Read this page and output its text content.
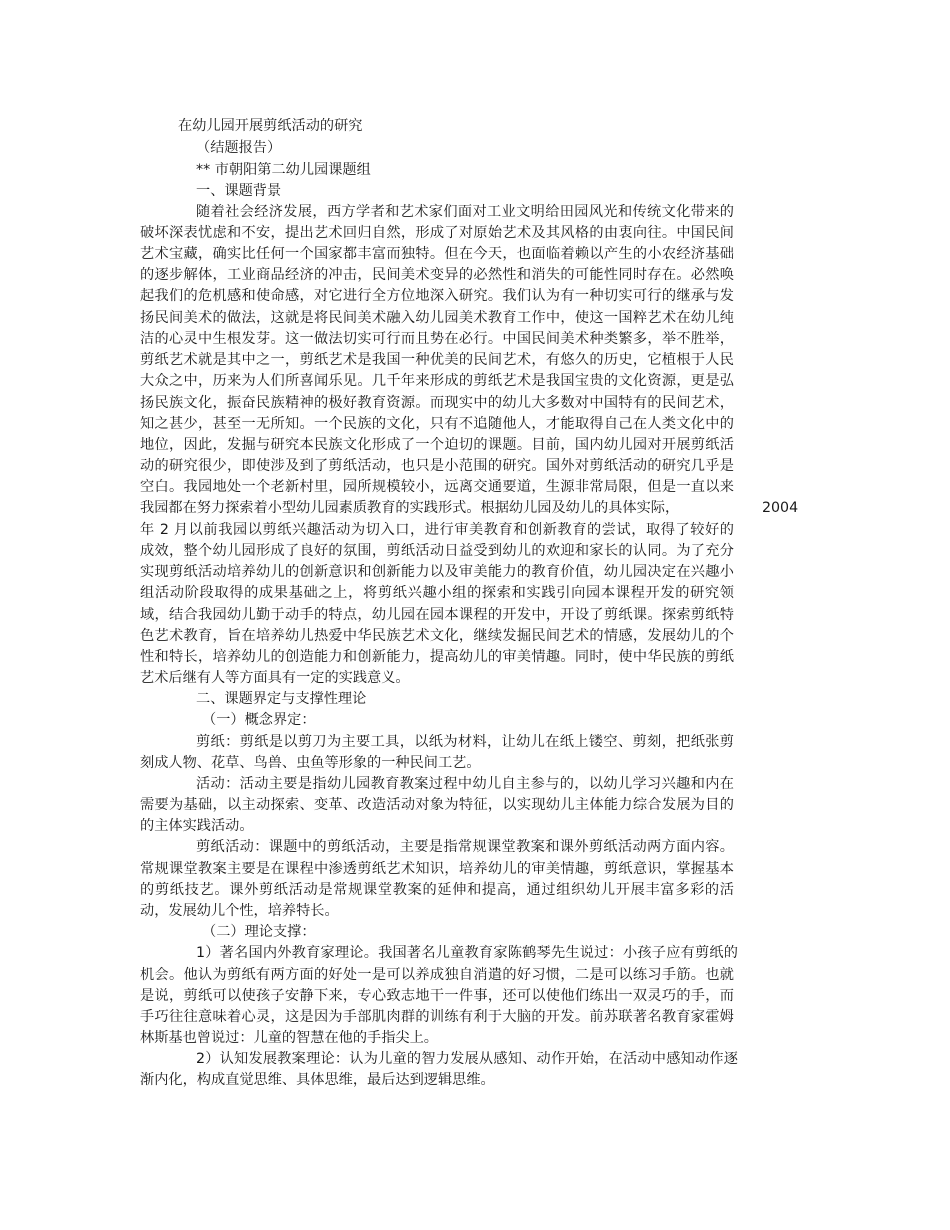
在幼儿园开展剪纸活动的研究
（结题报告）
** 市朝阳第二幼儿园课题组
一、课题背景
随着社会经济发展，西方学者和艺术家们面对工业文明给田园风光和传统文化带来的
破坏深表忧虑和不安，提出艺术回归自然，形成了对原始艺术及其风格的由衷向往。中国民间
艺术宝藏，确实比任何一个国家都丰富而独特。但在今天，也面临着赖以产生的小农经济基础
的逐步解体，工业商品经济的冲击，民间美术变异的必然性和消失的可能性同时存在。必然唤
起我们的危机感和使命感，对它进行全方位地深入研究。我们认为有一种切实可行的继承与发
扬民间美术的做法，这就是将民间美术融入幼儿园美术教育工作中，使这一国粹艺术在幼儿纯
洁的心灵中生根发芽。这一做法切实可行而且势在必行。中国民间美术种类繁多，举不胜举，
剪纸艺术就是其中之一，剪纸艺术是我国一种优美的民间艺术，有悠久的历史，它植根于人民
大众之中，历来为人们所喜闻乐见。几千年来形成的剪纸艺术是我国宝贵的文化资源，更是弘
扬民族文化，振奋民族精神的极好教育资源。而现实中的幼儿大多数对中国特有的民间艺术，
知之甚少，甚至一无所知。一个民族的文化，只有不追随他人，才能取得自己在人类文化中的
地位，因此，发掘与研究本民族文化形成了一个迫切的课题。目前，国内幼儿园对开展剪纸活
动的研究很少，即使涉及到了剪纸活动，也只是小范围的研究。国外对剪纸活动的研究几乎是
空白。我园地处一个老新村里，园所规模较小，远离交通要道，生源非常局限，但是一直以来
我园都在努力探索着小型幼儿园素质教育的实践形式。根据幼儿园及幼儿的具体实际，	2004
年 2 月以前我园以剪纸兴趣活动为切入口，进行审美教育和创新教育的尝试，取得了较好的
成效，整个幼儿园形成了良好的氛围，剪纸活动日益受到幼儿的欢迎和家长的认同。为了充分
实现剪纸活动培养幼儿的创新意识和创新能力以及审美能力的教育价值，幼儿园决定在兴趣小
组活动阶段取得的成果基础之上，将剪纸兴趣小组的探索和实践引向园本课程开发的研究领
域，结合我园幼儿勤于动手的特点，幼儿园在园本课程的开发中，开设了剪纸课。探索剪纸特
色艺术教育，旨在培养幼儿热爱中华民族艺术文化，继续发掘民间艺术的情感，发展幼儿的个
性和特长，培养幼儿的创造能力和创新能力，提高幼儿的审美情趣。同时，使中华民族的剪纸
艺术后继有人等方面具有一定的实践意义。
二、课题界定与支撑性理论
（一）概念界定：
剪纸：剪纸是以剪刀为主要工具，以纸为材料，让幼儿在纸上镂空、剪刻，把纸张剪
刻成人物、花草、鸟兽、虫鱼等形象的一种民间工艺。
活动：活动主要是指幼儿园教育教案过程中幼儿自主参与的，以幼儿学习兴趣和内在
需要为基础，以主动探索、变革、改造活动对象为特征，以实现幼儿主体能力综合发展为目的
的主体实践活动。
剪纸活动：课题中的剪纸活动，主要是指常规课堂教案和课外剪纸活动两方面内容。
常规课堂教案主要是在课程中渗透剪纸艺术知识，培养幼儿的审美情趣，剪纸意识，掌握基本
的剪纸技艺。课外剪纸活动是常规课堂教案的延伸和提高，通过组织幼儿开展丰富多彩的活
动，发展幼儿个性，培养特长。
（二）理论支撑：
1）著名国内外教育家理论。我国著名儿童教育家陈鹤琴先生说过：小孩子应有剪纸的
机会。他认为剪纸有两方面的好处一是可以养成独自消遣的好习惯，二是可以练习手筋。也就
是说，剪纸可以使孩子安静下来，专心致志地干一件事，还可以使他们练出一双灵巧的手，而
手巧往往意味着心灵，这是因为手部肌肉群的训练有利于大脑的开发。前苏联著名教育家霍姆
林斯基也曾说过：儿童的智慧在他的手指尖上。
2）认知发展教案理论：认为儿童的智力发展从感知、动作开始，在活动中感知动作逐
渐内化，构成直觉思维、具体思维，最后达到逻辑思维。
